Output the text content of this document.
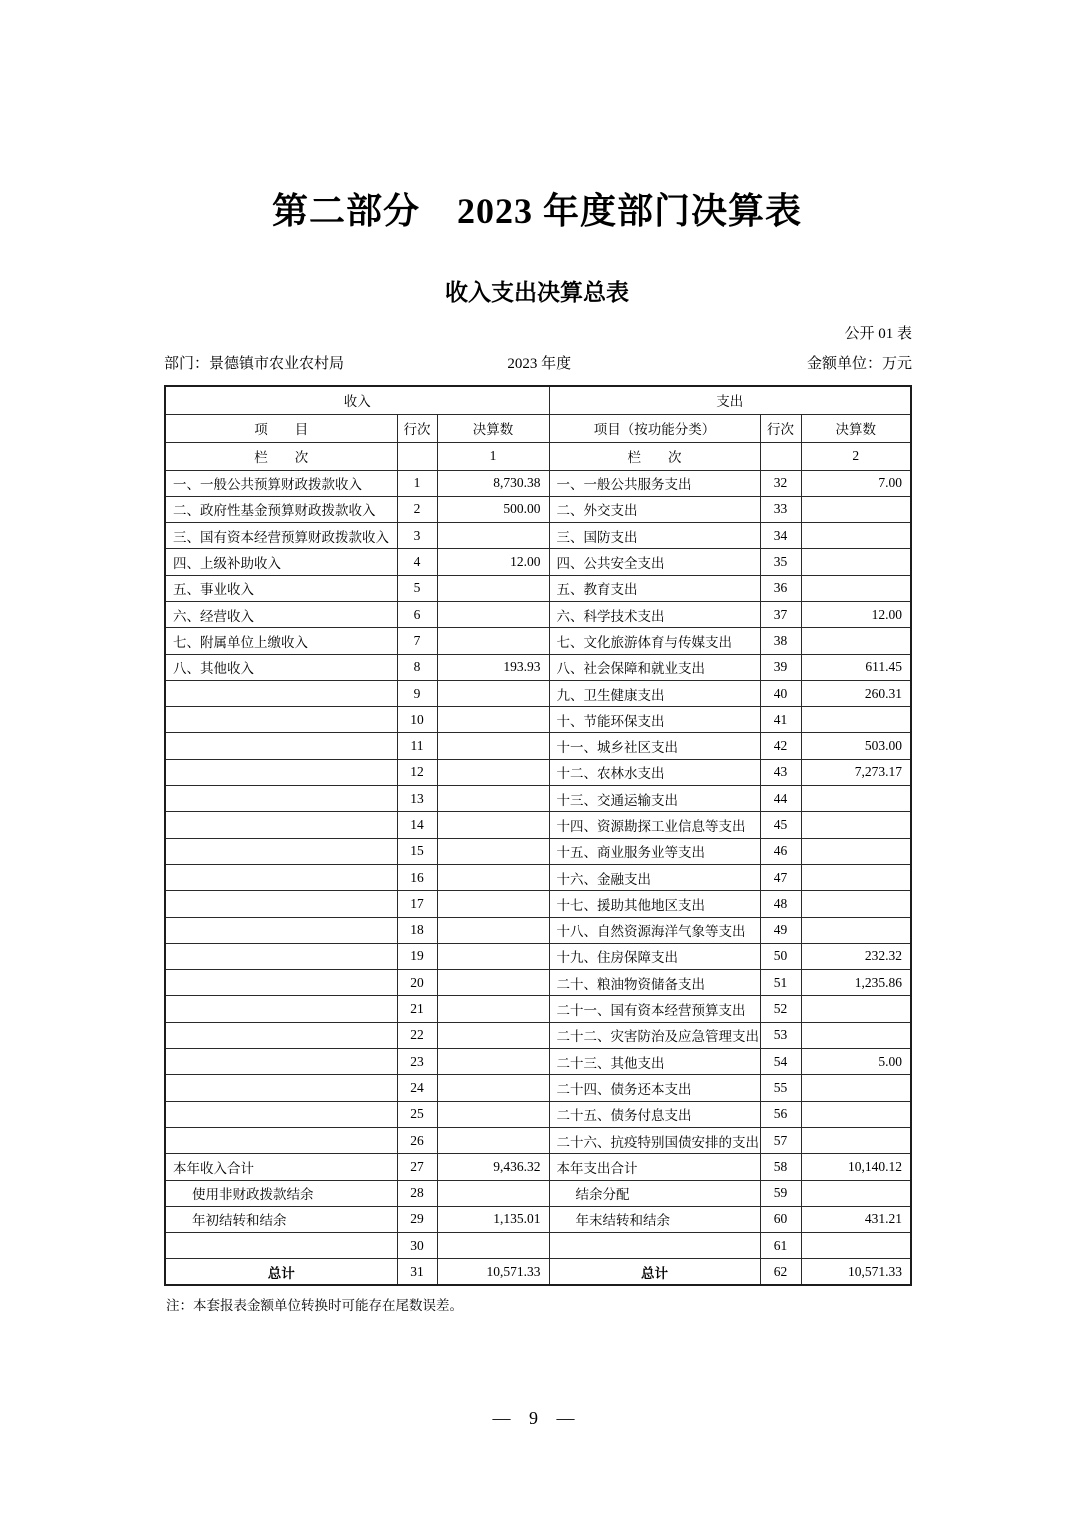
第二部分　2023 年度部门决算表
收入支出决算总表
公开 01 表
部门：景德镇市农业农村局	2023 年度	金额单位：万元
收入			支出		
项　　目	行次	决算数	项目（按功能分类）	行次	决算数
栏　　次		1	栏　　次		2
一、一般公共预算财政拨款收入	1	8,730.38	一、一般公共服务支出	32	7.00
二、政府性基金预算财政拨款收入	2	500.00	二、外交支出	33	
三、国有资本经营预算财政拨款收入	3		三、国防支出	34	
四、上级补助收入	4	12.00	四、公共安全支出	35	
五、事业收入	5		五、教育支出	36	
六、经营收入	6		六、科学技术支出	37	12.00
七、附属单位上缴收入	7		七、文化旅游体育与传媒支出	38	
八、其他收入	8	193.93	八、社会保障和就业支出	39	611.45
	9		九、卫生健康支出	40	260.31
	10		十、节能环保支出	41	
	11		十一、城乡社区支出	42	503.00
	12		十二、农林水支出	43	7,273.17
	13		十三、交通运输支出	44	
	14		十四、资源勘探工业信息等支出	45	
	15		十五、商业服务业等支出	46	
	16		十六、金融支出	47	
	17		十七、援助其他地区支出	48	
	18		十八、自然资源海洋气象等支出	49	
	19		十九、住房保障支出	50	232.32
	20		二十、粮油物资储备支出	51	1,235.86
	21		二十一、国有资本经营预算支出	52	
	22		二十二、灾害防治及应急管理支出	53	
	23		二十三、其他支出	54	5.00
	24		二十四、债务还本支出	55	
	25		二十五、债务付息支出	56	
	26		二十六、抗疫特别国债安排的支出	57	
本年收入合计	27	9,436.32	本年支出合计	58	10,140.12
使用非财政拨款结余	28		结余分配	59	
年初结转和结余	29	1,135.01	年末结转和结余	60	431.21
	30			61	
总计	31	10,571.33	总计	62	10,571.33
注：本套报表金额单位转换时可能存在尾数误差。
— 9 —
